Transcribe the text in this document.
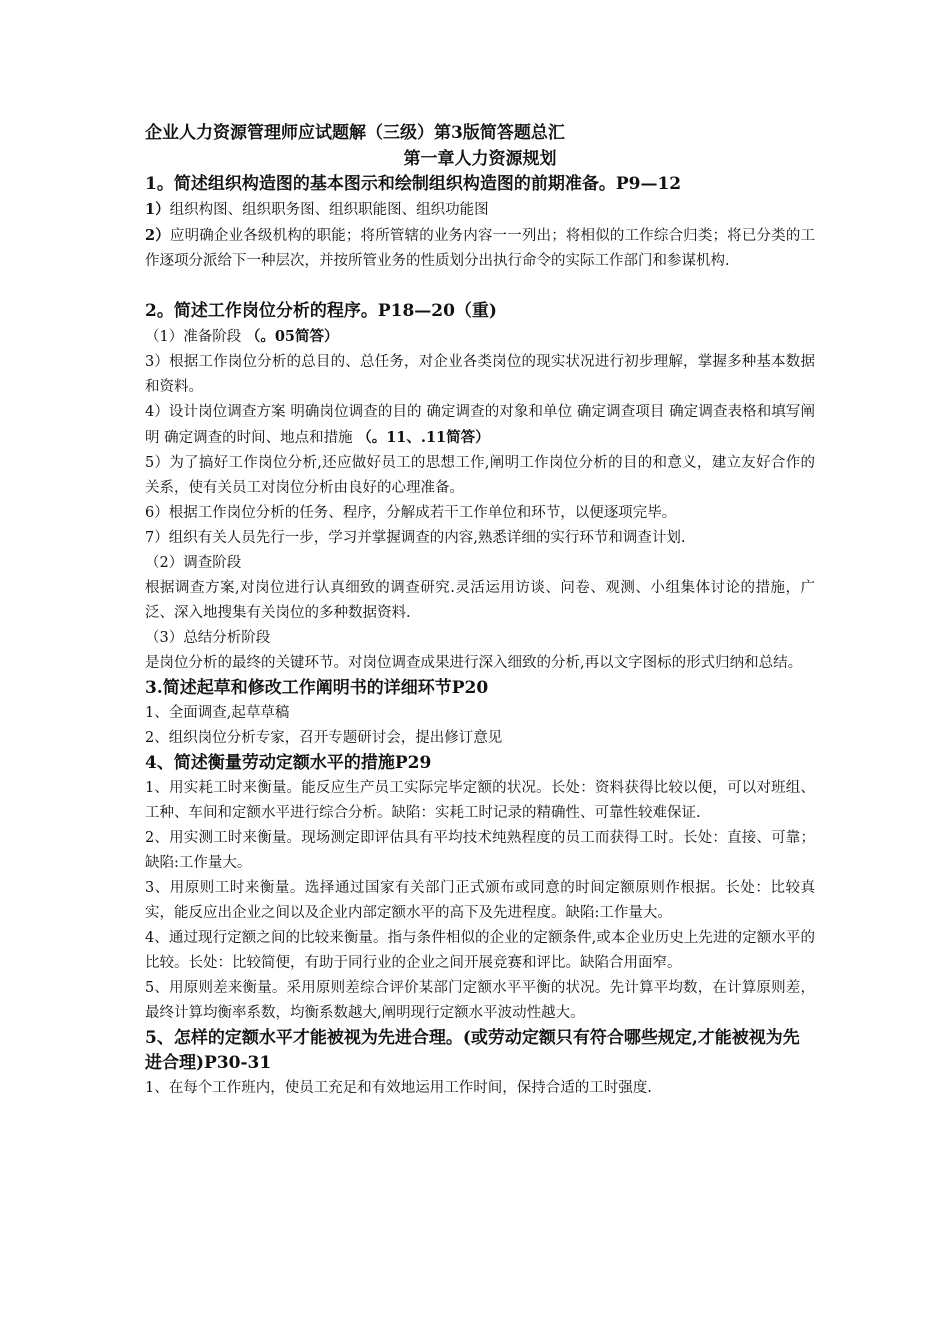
企业人力资源管理师应试题解（三级）第3版简答题总汇

第一章人力资源规划

1。简述组织构造图的基本图示和绘制组织构造图的前期准备。P9—12

1）组织构图、组织职务图、组织职能图、组织功能图

2）应明确企业各级机构的职能；将所管辖的业务内容一一列出；将相似的工作综合归类；将已分类的工作逐项分派给下一种层次，并按所管业务的性质划分出执行命令的实际工作部门和参谋机构.

2。简述工作岗位分析的程序。P18—20（重)

（1）准备阶段 （。05简答）

3）根据工作岗位分析的总目的、总任务，对企业各类岗位的现实状况进行初步理解，掌握多种基本数据和资料。

4）设计岗位调查方案 明确岗位调查的目的 确定调查的对象和单位 确定调查项目 确定调查表格和填写阐明 确定调查的时间、地点和措施 （。11、.11简答）

5）为了搞好工作岗位分析,还应做好员工的思想工作,阐明工作岗位分析的目的和意义，建立友好合作的关系，使有关员工对岗位分析由良好的心理准备。

6）根据工作岗位分析的任务、程序，分解成若干工作单位和环节，以便逐项完毕。

7）组织有关人员先行一步，学习并掌握调查的内容,熟悉详细的实行环节和调查计划.

（2）调查阶段

根据调查方案,对岗位进行认真细致的调查研究.灵活运用访谈、问卷、观测、小组集体讨论的措施，广泛、深入地搜集有关岗位的多种数据资料.

（3）总结分析阶段

是岗位分析的最终的关键环节。对岗位调查成果进行深入细致的分析,再以文字图标的形式归纳和总结。

3.简述起草和修改工作阐明书的详细环节P20

1、全面调查,起草草稿

2、组织岗位分析专家，召开专题研讨会，提出修订意见

4、简述衡量劳动定额水平的措施P29

1、用实耗工时来衡量。能反应生产员工实际完毕定额的状况。长处：资料获得比较以便，可以对班组、工种、车间和定额水平进行综合分析。缺陷：实耗工时记录的精确性、可靠性较难保证.

2、用实测工时来衡量。现场测定即评估具有平均技术纯熟程度的员工而获得工时。长处：直接、可靠；缺陷:工作量大。

3、用原则工时来衡量。选择通过国家有关部门正式颁布或同意的时间定额原则作根据。长处：比较真实，能反应出企业之间以及企业内部定额水平的高下及先进程度。缺陷:工作量大。

4、通过现行定额之间的比较来衡量。指与条件相似的企业的定额条件,或本企业历史上先进的定额水平的比较。长处：比较简便，有助于同行业的企业之间开展竞赛和评比。缺陷合用面窄。

5、用原则差来衡量。采用原则差综合评价某部门定额水平平衡的状况。先计算平均数，在计算原则差，最终计算均衡率系数，均衡系数越大,阐明现行定额水平波动性越大。

5、怎样的定额水平才能被视为先进合理。(或劳动定额只有符合哪些规定,才能被视为先进合理)P30-31

1、在每个工作班内，使员工充足和有效地运用工作时间，保持合适的工时强度.
